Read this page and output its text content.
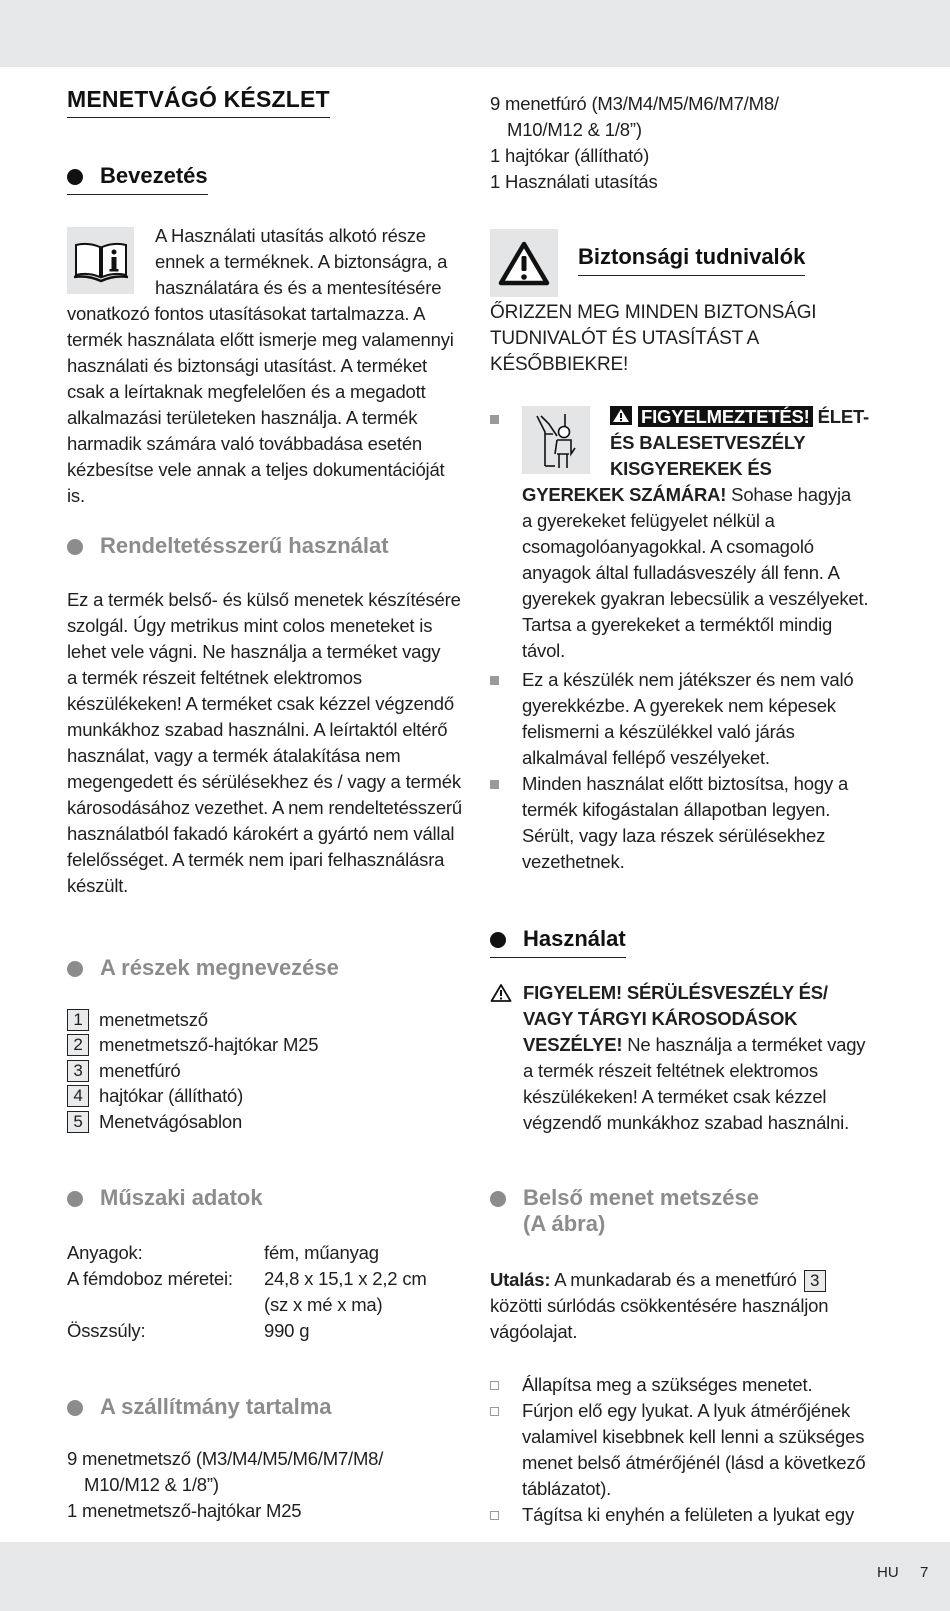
MENETVÁGÓ KÉSZLET
Bevezetés
A Használati utasítás alkotó része
ennek a terméknek. A biztonságra, a
használatára és és a mentesítésére
vonatkozó fontos utasításokat tartalmazza. A
termék használata előtt ismerje meg valamennyi
használati és biztonsági utasítást. A terméket
csak a leírtaknak megfelelően és a megadott
alkalmazási területeken használja. A termék
harmadik számára való továbbadása esetén
kézbesítse vele annak a teljes dokumentációját is.
Rendeltetésszerű használat
Ez a termék belső- és külső menetek készítésére
szolgál. Úgy metrikus mint colos meneteket is
lehet vele vágni. Ne használja a terméket vagy
a termék részeit feltétnek elektromos
készülékeken! A terméket csak kézzel végzendő
munkákhoz szabad használni. A leírtaktól eltérő
használat, vagy a termék átalakítása nem
megengedett és sérülésekhez és / vagy a termék
károsodásához vezethet. A nem rendeltetésszerű
használatból fakadó károkért a gyártó nem vállal
felelősséget. A termék nem ipari felhasználásra
készült.
A részek megnevezése
1 menetmetsző
2 menetmetsző-hajtókar M25
3 menetfúró
4 hajtókar (állítható)
5 Menetvágósablon
Műszaki adatok
Anyagok:	fém, műanyag
A fémdoboz méretei:	24,8 x 15,1 x 2,2 cm
(sz x mé x ma)
Összsúly:	990 g
A szállítmány tartalma
9 menetmetsző (M3/M4/M5/M6/M7/M8/
M10/M12 & 1/8”)
1 menetmetsző-hajtókar M25
9 menetfúró (M3/M4/M5/M6/M7/M8/
M10/M12 & 1/8”)
1 hajtókar (állítható)
1 Használati utasítás
Biztonsági tudnivalók
ŐRIZZEN MEG MINDEN BIZTONSÁGI
TUDNIVALÓT ÉS UTASÍTÁST A
KÉSŐBBIEKRE!
FIGYELMEZTETÉS! ÉLET-
ÉS BALESETVESZÉLY
KISGYEREKEK ÉS
GYEREKEK SZÁMÁRA! Sohase hagyja
a gyerekeket felügyelet nélkül a
csomagolóanyagokkal. A csomagoló
anyagok által fulladásveszély áll fenn. A
gyerekek gyakran lebecsülik a veszélyeket.
Tartsa a gyerekeket a terméktől mindig
távol.
Ez a készülék nem játékszer és nem való
gyerekkézbe. A gyerekek nem képesek
felismerni a készülékkel való járás
alkalmával fellépő veszélyeket.
Minden használat előtt biztosítsa, hogy a
termék kifogástalan állapotban legyen.
Sérült, vagy laza részek sérülésekhez
vezethetnek.
Használat
FIGYELEM! SÉRÜLÉSVESZÉLY ÉS/
VAGY TÁRGYI KÁROSODÁSOK
VESZÉLYE! Ne használja a terméket vagy
a termék részeit feltétnek elektromos
készülékeken! A terméket csak kézzel
végzendő munkákhoz szabad használni.
Belső menet metszése
(A ábra)
Utalás: A munkadarab és a menetfúró 3
közötti súrlódás csökkentésére használjon
vágóolajat.
Állapítsa meg a szükséges menetet.
Fúrjon elő egy lyukat. A lyuk átmérőjének
valamivel kisebbnek kell lenni a szükséges
menet belső átmérőjénél (lásd a következő
táblázatot).
Tágítsa ki enyhén a felületen a lyukat egy
HU 7
